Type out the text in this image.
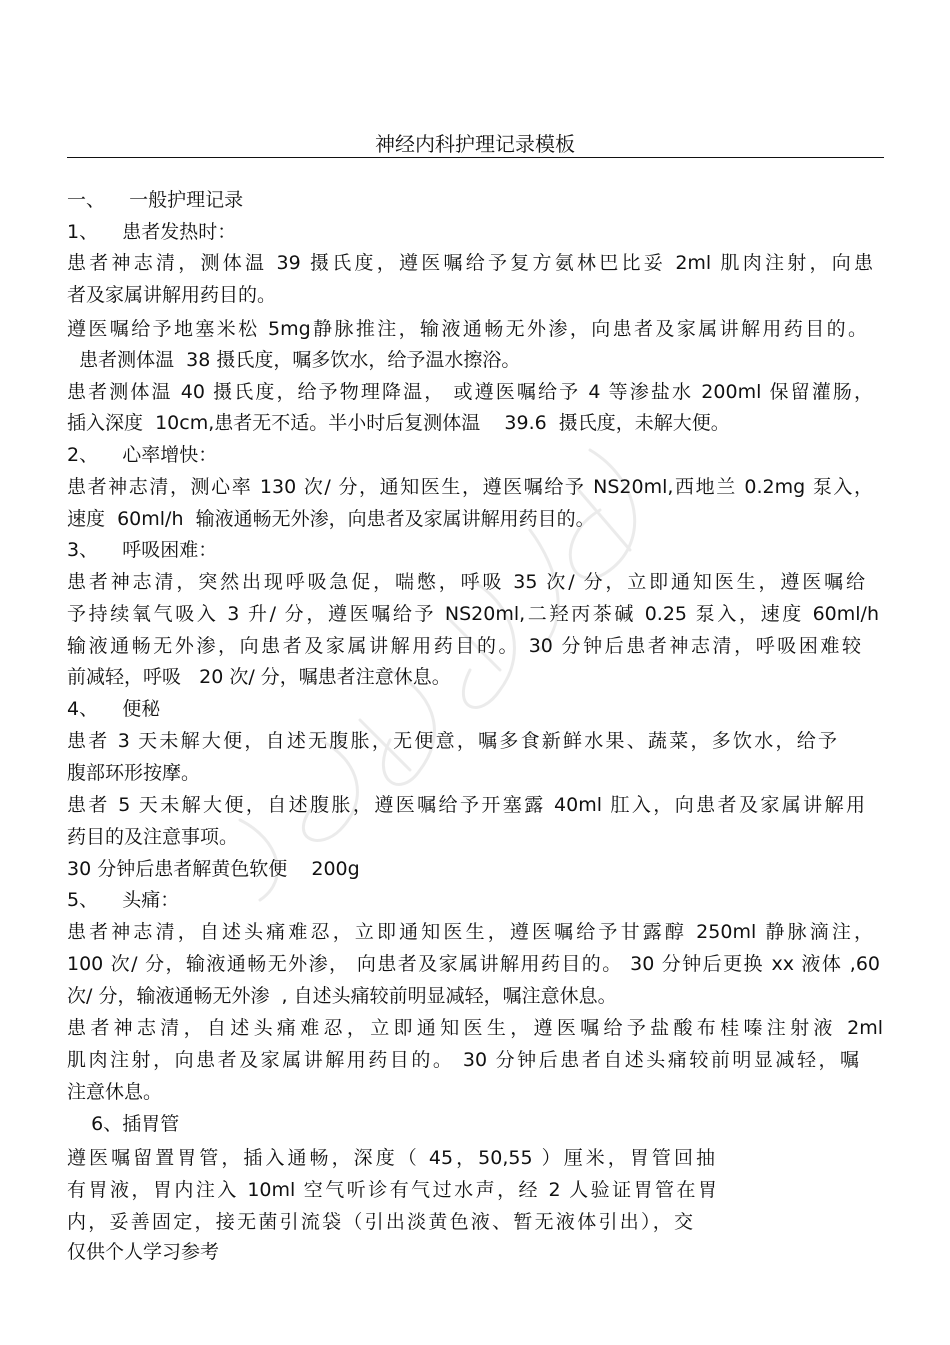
神经内科护理记录模板
一、    一般护理记录
1、    患者发热时：
患者神志清，测体温 39 摄氏度，遵医嘱给予复方氨林巴比妥 2ml 肌肉注射，向患
者及家属讲解用药目的。
遵医嘱给予地塞米松 5mg静脉推注，输液通畅无外渗，向患者及家属讲解用药目的。
患者测体温  38 摄氏度，嘱多饮水，给予温水擦浴。
患者测体温 40 摄氏度，给予物理降温， 或遵医嘱给予 4 等渗盐水 200ml 保留灌肠，
插入深度  10cm,患者无不适。半小时后复测体温    39.6  摄氏度，未解大便。
2、    心率增快：
患者神志清，测心率 130 次/ 分，通知医生，遵医嘱给予 NS20ml,西地兰 0.2mg 泵入，
速度  60ml/h  输液通畅无外渗，向患者及家属讲解用药目的。
3、    呼吸困难：
患者神志清，突然出现呼吸急促，喘憋，呼吸 35 次/ 分，立即通知医生，遵医嘱给
予持续氧气吸入 3 升/ 分，遵医嘱给予 NS20ml,二羟丙茶碱 0.25 泵入，速度 60ml/h
输液通畅无外渗，向患者及家属讲解用药目的。 30 分钟后患者神志清，呼吸困难较
前减轻，呼吸   20 次/ 分，嘱患者注意休息。
4、    便秘
患者 3 天未解大便，自述无腹胀，无便意，嘱多食新鲜水果、蔬菜，多饮水，给予
腹部环形按摩。
患者 5 天未解大便，自述腹胀，遵医嘱给予开塞露 40ml 肛入，向患者及家属讲解用
药目的及注意事项。
30 分钟后患者解黄色软便    200g
5、    头痛：
患者神志清，自述头痛难忍，立即通知医生，遵医嘱给予甘露醇 250ml 静脉滴注，
100 次/ 分，输液通畅无外渗， 向患者及家属讲解用药目的。 30 分钟后更换 xx 液体 ,60
次/ 分，输液通畅无外渗  , 自述头痛较前明显减轻，嘱注意休息。
患者神志清，自述头痛难忍，立即通知医生，遵医嘱给予盐酸布桂嗪注射液 2ml
肌肉注射，向患者及家属讲解用药目的。 30 分钟后患者自述头痛较前明显减轻，嘱
注意休息。
6、插胃管
遵医嘱留置胃管，插入通畅，深度（ 45，50,55 ）厘米，胃管回抽
有胃液，胃内注入 10ml 空气听诊有气过水声，经 2 人验证胃管在胃
内，妥善固定，接无菌引流袋（引出淡黄色液、暂无液体引出），交
仅供个人学习参考
